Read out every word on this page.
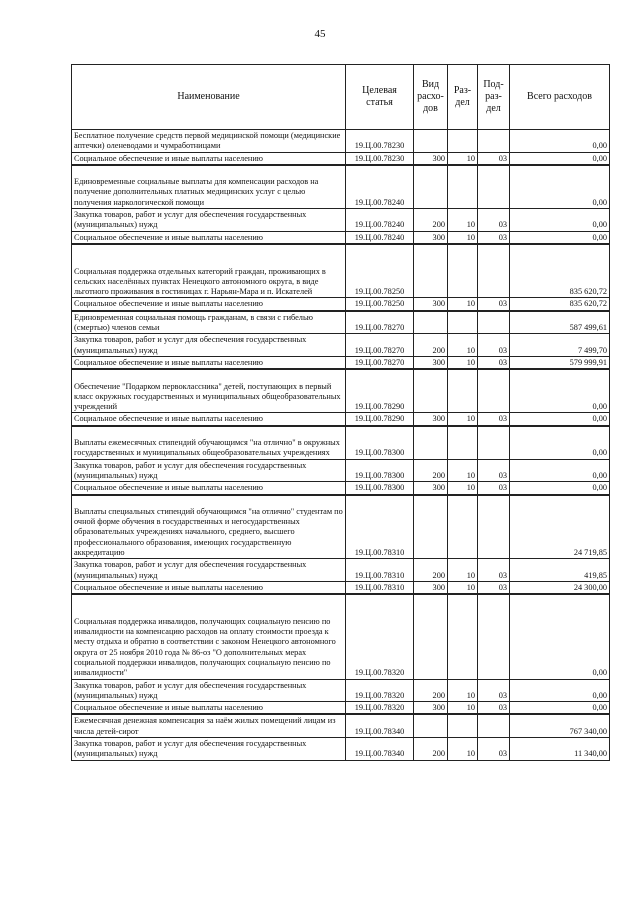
45
Наименование	Целевая статья	Вид расхо-дов	Раз-дел	Под-раз-дел	Всего расходов
Бесплатное получение средств первой медицинской помощи (медицинские аптечки) оленеводами и чумработницами	19.Ц.00.78230				0,00
Социальное обеспечение и иные выплаты населению	19.Ц.00.78230	300	10	03	0,00
Единовременные социальные выплаты для компенсации расходов на получение дополнительных платных медицинских услуг с целью получения наркологической помощи	19.Ц.00.78240				0,00
Закупка товаров, работ и услуг для обеспечения государственных (муниципальных) нужд	19.Ц.00.78240	200	10	03	0,00
Социальное обеспечение и иные выплаты населению	19.Ц.00.78240	300	10	03	0,00
Социальная поддержка отдельных категорий граждан, проживающих в сельских населённых пунктах Ненецкого автономного округа, в виде льготного проживания в гостиницах г. Нарьян-Мара и п. Искателей	19.Ц.00.78250				835 620,72
Социальное обеспечение и иные выплаты населению	19.Ц.00.78250	300	10	03	835 620,72
Единовременная социальная помощь гражданам, в связи с гибелью (смертью) членов семьи	19.Ц.00.78270				587 499,61
Закупка товаров, работ и услуг для обеспечения государственных (муниципальных) нужд	19.Ц.00.78270	200	10	03	7 499,70
Социальное обеспечение и иные выплаты населению	19.Ц.00.78270	300	10	03	579 999,91
Обеспечение "Подарком первоклассника" детей, поступающих в первый класс окружных государственных и муниципальных общеобразовательных учреждений	19.Ц.00.78290				0,00
Социальное обеспечение и иные выплаты населению	19.Ц.00.78290	300	10	03	0,00
Выплаты ежемесячных стипендий обучающимся "на отлично" в окружных государственных и муниципальных общеобразовательных учреждениях	19.Ц.00.78300				0,00
Закупка товаров, работ и услуг для обеспечения государственных (муниципальных) нужд	19.Ц.00.78300	200	10	03	0,00
Социальное обеспечение и иные выплаты населению	19.Ц.00.78300	300	10	03	0,00
Выплаты специальных стипендий обучающимся "на отлично" студентам по очной форме обучения в государственных и негосударственных образовательных учреждениях начального, среднего, высшего профессионального образования, имеющих государственную аккредитацию	19.Ц.00.78310				24 719,85
Закупка товаров, работ и услуг для обеспечения государственных (муниципальных) нужд	19.Ц.00.78310	200	10	03	419,85
Социальное обеспечение и иные выплаты населению	19.Ц.00.78310	300	10	03	24 300,00
Социальная поддержка инвалидов, получающих социальную пенсию по инвалидности на компенсацию расходов на оплату стоимости проезда к месту отдыха и обратно в соответствии с законом Ненецкого автономного округа от 25 ноября 2010 года № 86-оз "О дополнительных мерах социальной поддержки инвалидов, получающих социальную пенсию по инвалидности"	19.Ц.00.78320				0,00
Закупка товаров, работ и услуг для обеспечения государственных (муниципальных) нужд	19.Ц.00.78320	200	10	03	0,00
Социальное обеспечение и иные выплаты населению	19.Ц.00.78320	300	10	03	0,00
Ежемесячная денежная компенсация за наём жилых помещений лицам из числа детей-сирот	19.Ц.00.78340				767 340,00
Закупка товаров, работ и услуг для обеспечения государственных (муниципальных) нужд	19.Ц.00.78340	200	10	03	11 340,00
